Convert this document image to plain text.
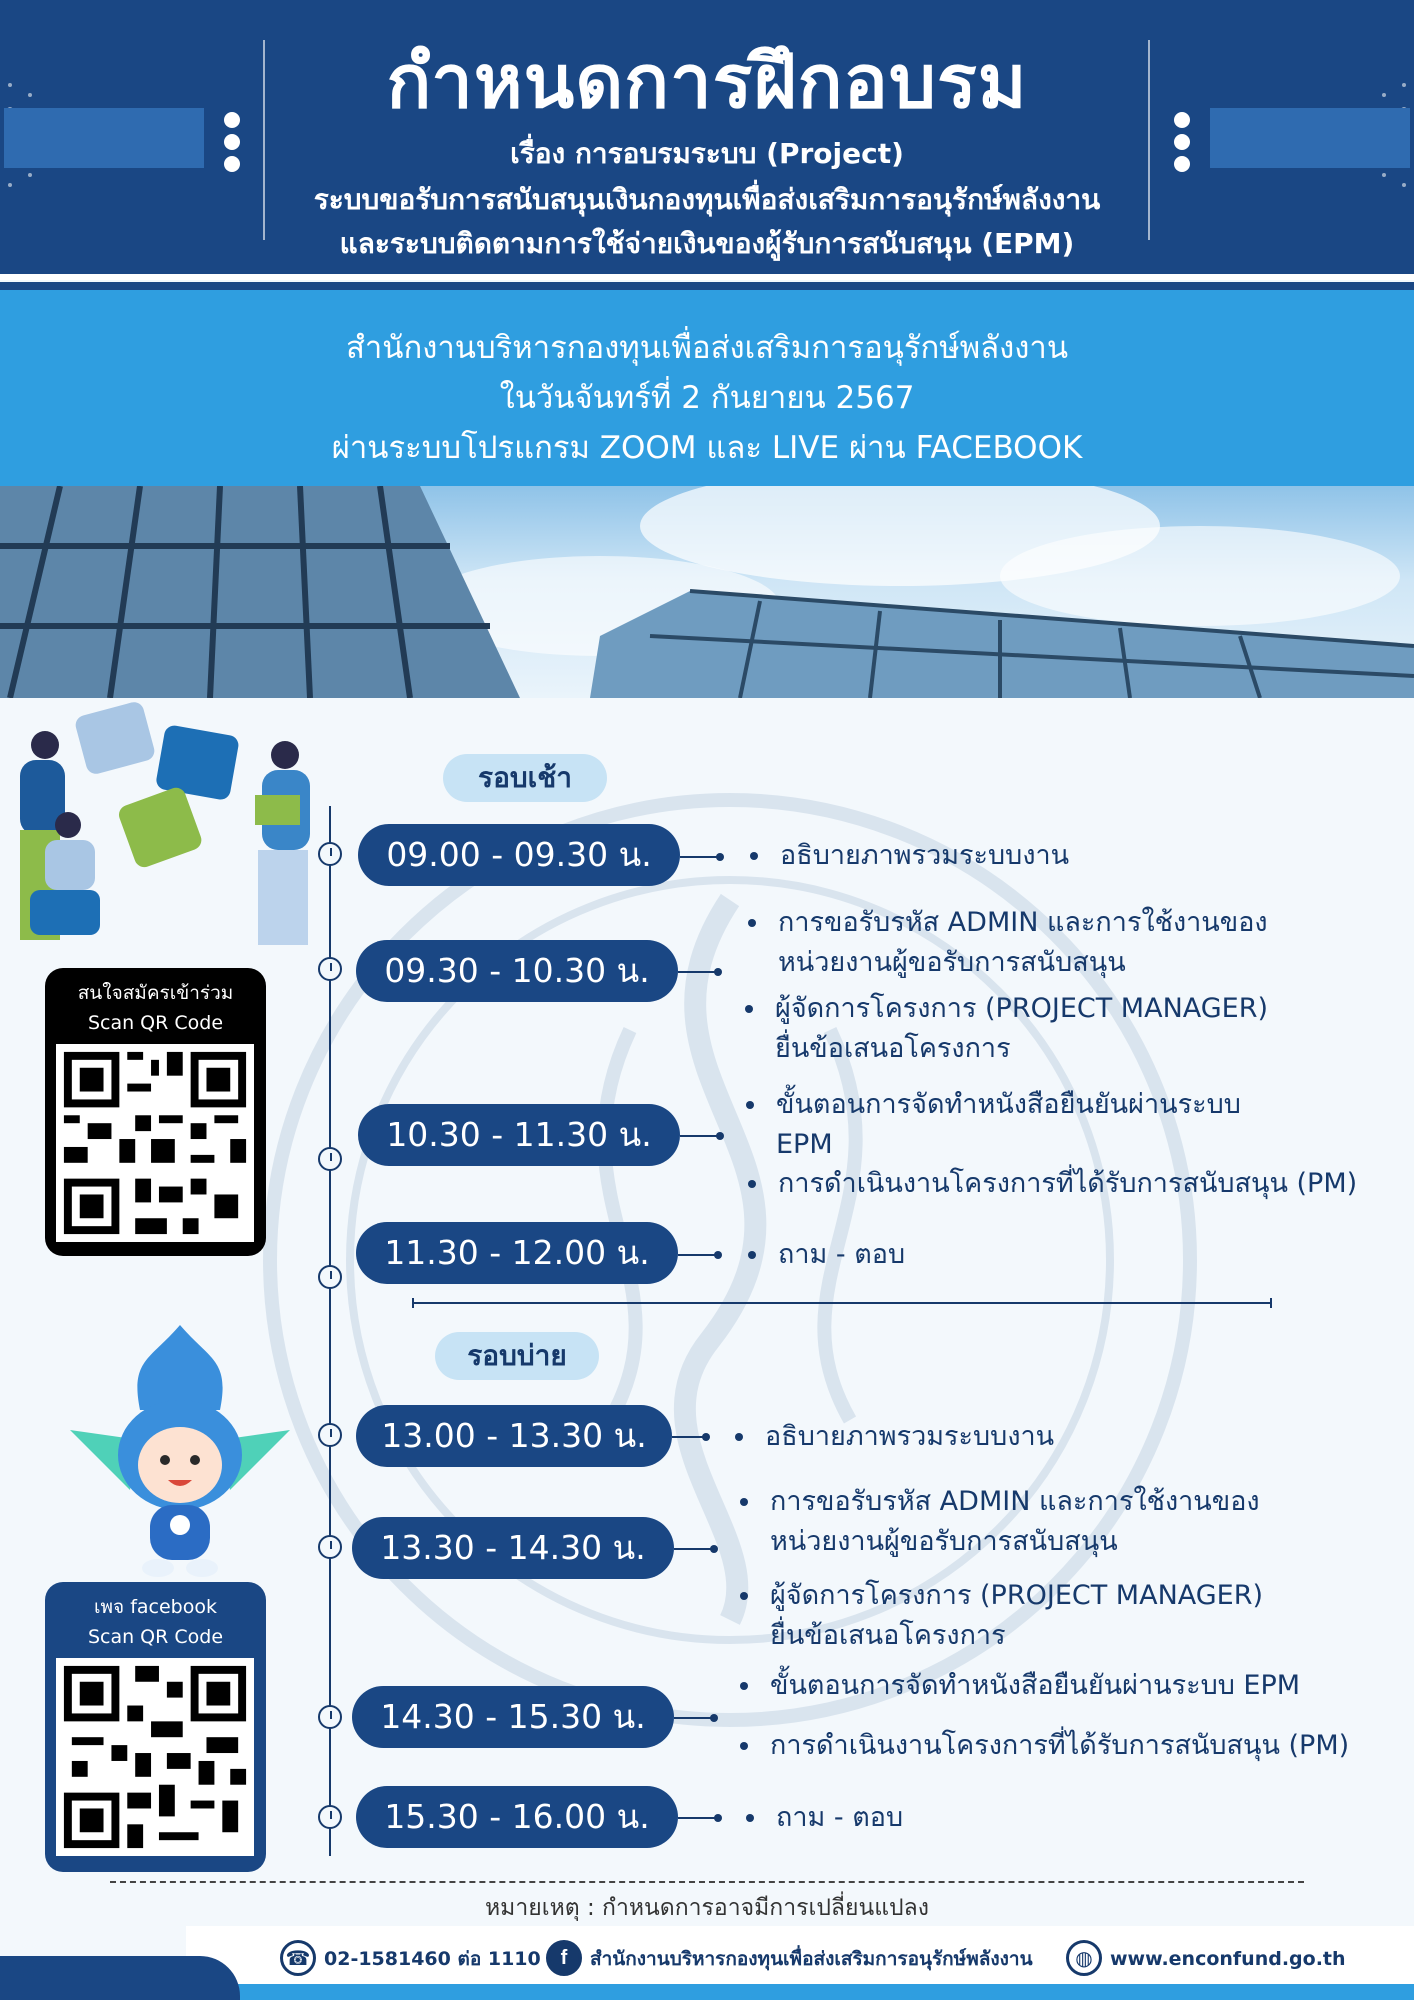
กำหนดการฝึกอบรม
เรื่อง การอบรมระบบ (Project)
ระบบขอรับการสนับสนุนเงินกองทุนเพื่อส่งเสริมการอนุรักษ์พลังงาน
และระบบติดตามการใช้จ่ายเงินของผู้รับการสนับสนุน (EPM)
สำนักงานบริหารกองทุนเพื่อส่งเสริมการอนุรักษ์พลังงาน
ในวันจันทร์ที่ 2 กันยายน 2567
ผ่านระบบโปรแกรม ZOOM และ LIVE ผ่าน FACEBOOK
สนใจสมัครเข้าร่วม
Scan QR Code
เพจ facebook
Scan QR Code
รอบเช้า
09.00 - 09.30 น.	อธิบายภาพรวมระบบงาน
09.30 - 10.30 น.
การขอรับรหัส ADMIN และการใช้งานของ
หน่วยงานผู้ขอรับการสนับสนุน
ผู้จัดการโครงการ (PROJECT MANAGER)
ยื่นข้อเสนอโครงการ
10.30 - 11.30 น.
ขั้นตอนการจัดทำหนังสือยืนยันผ่านระบบ
EPM
การดำเนินงานโครงการที่ได้รับการสนับสนุน (PM)
11.30 - 12.00 น.	ถาม - ตอบ
รอบบ่าย
13.00 - 13.30 น.	อธิบายภาพรวมระบบงาน
13.30 - 14.30 น.
การขอรับรหัส ADMIN และการใช้งานของ
หน่วยงานผู้ขอรับการสนับสนุน
ผู้จัดการโครงการ (PROJECT MANAGER)
ยื่นข้อเสนอโครงการ
14.30 - 15.30 น.
ขั้นตอนการจัดทำหนังสือยืนยันผ่านระบบ EPM
การดำเนินงานโครงการที่ได้รับการสนับสนุน (PM)
15.30 - 16.00 น.	ถาม - ตอบ
หมายเหตุ : กำหนดการอาจมีการเปลี่ยนแปลง
☎ 02-1581460 ต่อ 1110 f	สำนักงานบริหารกองทุนเพื่อส่งเสริมการอนุรักษ์พลังงาน	◍ www.enconfund.go.th
